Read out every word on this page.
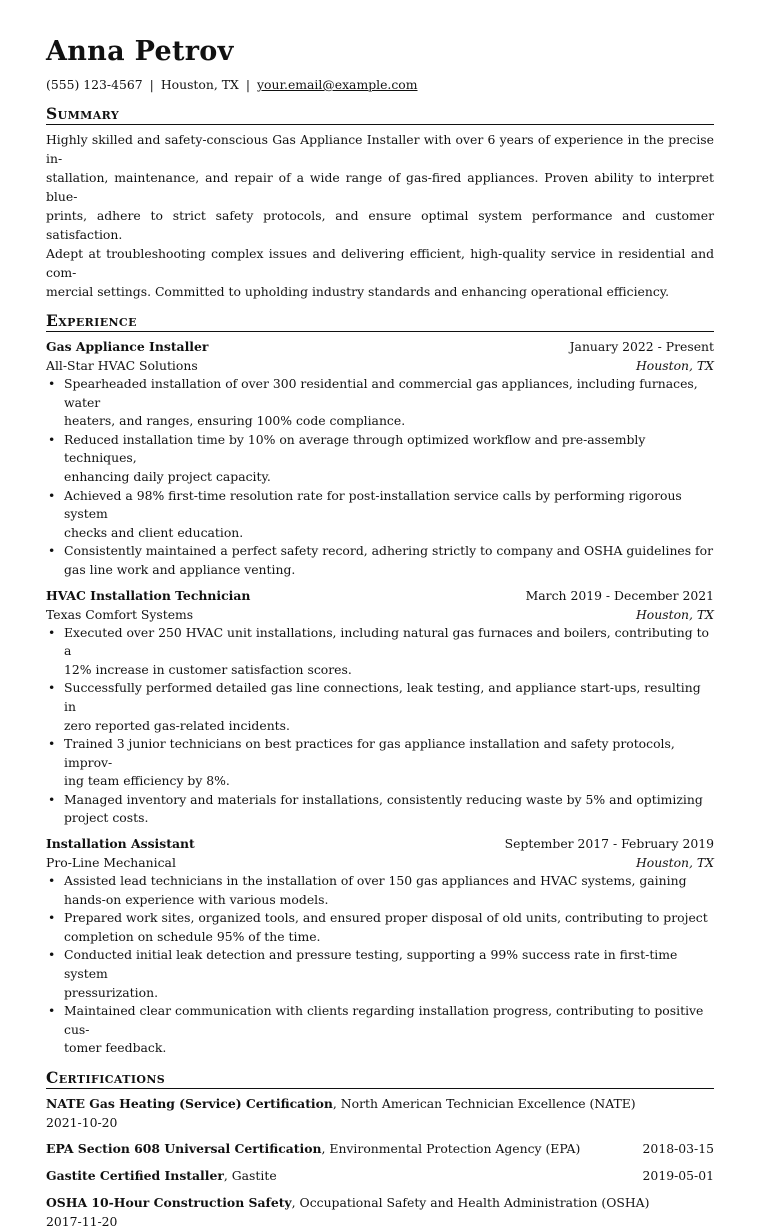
Anna Petrov
(555) 123-4567 | Houston, TX | your.email@example.com
Summary
Highly skilled and safety-conscious Gas Appliance Installer with over 6 years of experience in the precise in-
stallation, maintenance, and repair of a wide range of gas-fired appliances. Proven ability to interpret blue-
prints, adhere to strict safety protocols, and ensure optimal system performance and customer satisfaction.
Adept at troubleshooting complex issues and delivering efficient, high-quality service in residential and com-
mercial settings. Committed to upholding industry standards and enhancing operational efficiency.
Experience
Gas Appliance Installer	January 2022 - Present
All-Star HVAC Solutions	Houston, TX
• Spearheaded installation of over 300 residential and commercial gas appliances, including furnaces, water
heaters, and ranges, ensuring 100% code compliance.
• Reduced installation time by 10% on average through optimized workflow and pre-assembly techniques,
enhancing daily project capacity.
• Achieved a 98% first-time resolution rate for post-installation service calls by performing rigorous system
checks and client education.
• Consistently maintained a perfect safety record, adhering strictly to company and OSHA guidelines for
gas line work and appliance venting.
HVAC Installation Technician	March 2019 - December 2021
Texas Comfort Systems	Houston, TX
• Executed over 250 HVAC unit installations, including natural gas furnaces and boilers, contributing to a
12% increase in customer satisfaction scores.
• Successfully performed detailed gas line connections, leak testing, and appliance start-ups, resulting in
zero reported gas-related incidents.
• Trained 3 junior technicians on best practices for gas appliance installation and safety protocols, improv-
ing team efficiency by 8%.
• Managed inventory and materials for installations, consistently reducing waste by 5% and optimizing
project costs.
Installation Assistant	September 2017 - February 2019
Pro-Line Mechanical	Houston, TX
• Assisted lead technicians in the installation of over 150 gas appliances and HVAC systems, gaining
hands-on experience with various models.
• Prepared work sites, organized tools, and ensured proper disposal of old units, contributing to project
completion on schedule 95% of the time.
• Conducted initial leak detection and pressure testing, supporting a 99% success rate in first-time system
pressurization.
• Maintained clear communication with clients regarding installation progress, contributing to positive cus-
tomer feedback.
Certifications
NATE Gas Heating (Service) Certification, North American Technician Excellence (NATE)
2021-10-20
EPA Section 608 Universal Certification, Environmental Protection Agency (EPA)	2018-03-15
Gastite Certified Installer, Gastite	2019-05-01
OSHA 10-Hour Construction Safety, Occupational Safety and Health Administration (OSHA)
2017-11-20
